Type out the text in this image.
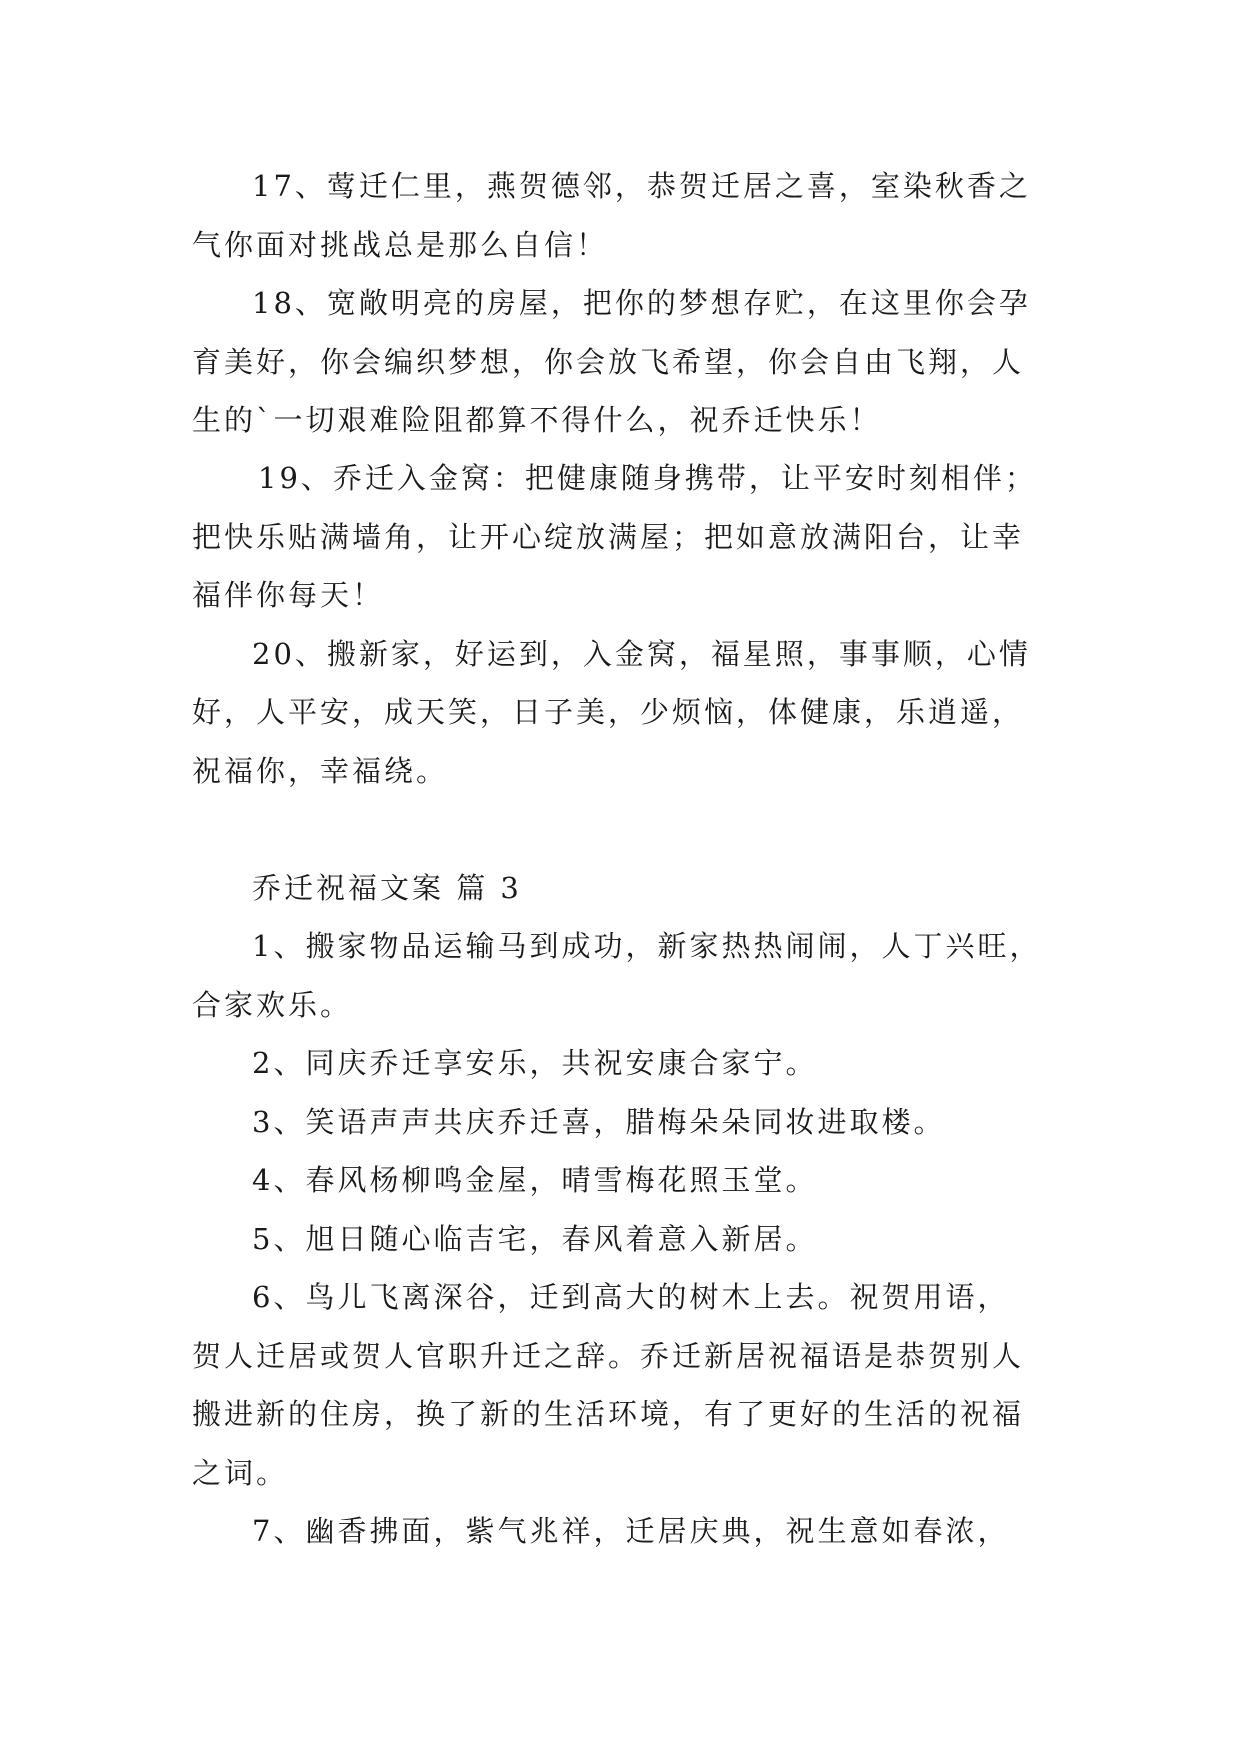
17、莺迁仁里，燕贺德邻，恭贺迁居之喜，室染秋香之
气你面对挑战总是那么自信！
18、宽敞明亮的房屋，把你的梦想存贮，在这里你会孕
育美好，你会编织梦想，你会放飞希望，你会自由飞翔，人
生的`一切艰难险阻都算不得什么，祝乔迁快乐！
19、乔迁入金窝：把健康随身携带，让平安时刻相伴；
把快乐贴满墙角，让开心绽放满屋；把如意放满阳台，让幸
福伴你每天！
20、搬新家，好运到，入金窝，福星照，事事顺，心情
好，人平安，成天笑，日子美，少烦恼，体健康，乐逍遥，
祝福你，幸福绕。
乔迁祝福文案 篇 3
1、搬家物品运输马到成功，新家热热闹闹，人丁兴旺，
合家欢乐。
2、同庆乔迁享安乐，共祝安康合家宁。
3、笑语声声共庆乔迁喜，腊梅朵朵同妆进取楼。
4、春风杨柳鸣金屋，晴雪梅花照玉堂。
5、旭日随心临吉宅，春风着意入新居。
6、鸟儿飞离深谷，迁到高大的树木上去。祝贺用语，
贺人迁居或贺人官职升迁之辞。乔迁新居祝福语是恭贺别人
搬进新的住房，换了新的生活环境，有了更好的生活的祝福
之词。
7、幽香拂面，紫气兆祥，迁居庆典，祝生意如春浓，
